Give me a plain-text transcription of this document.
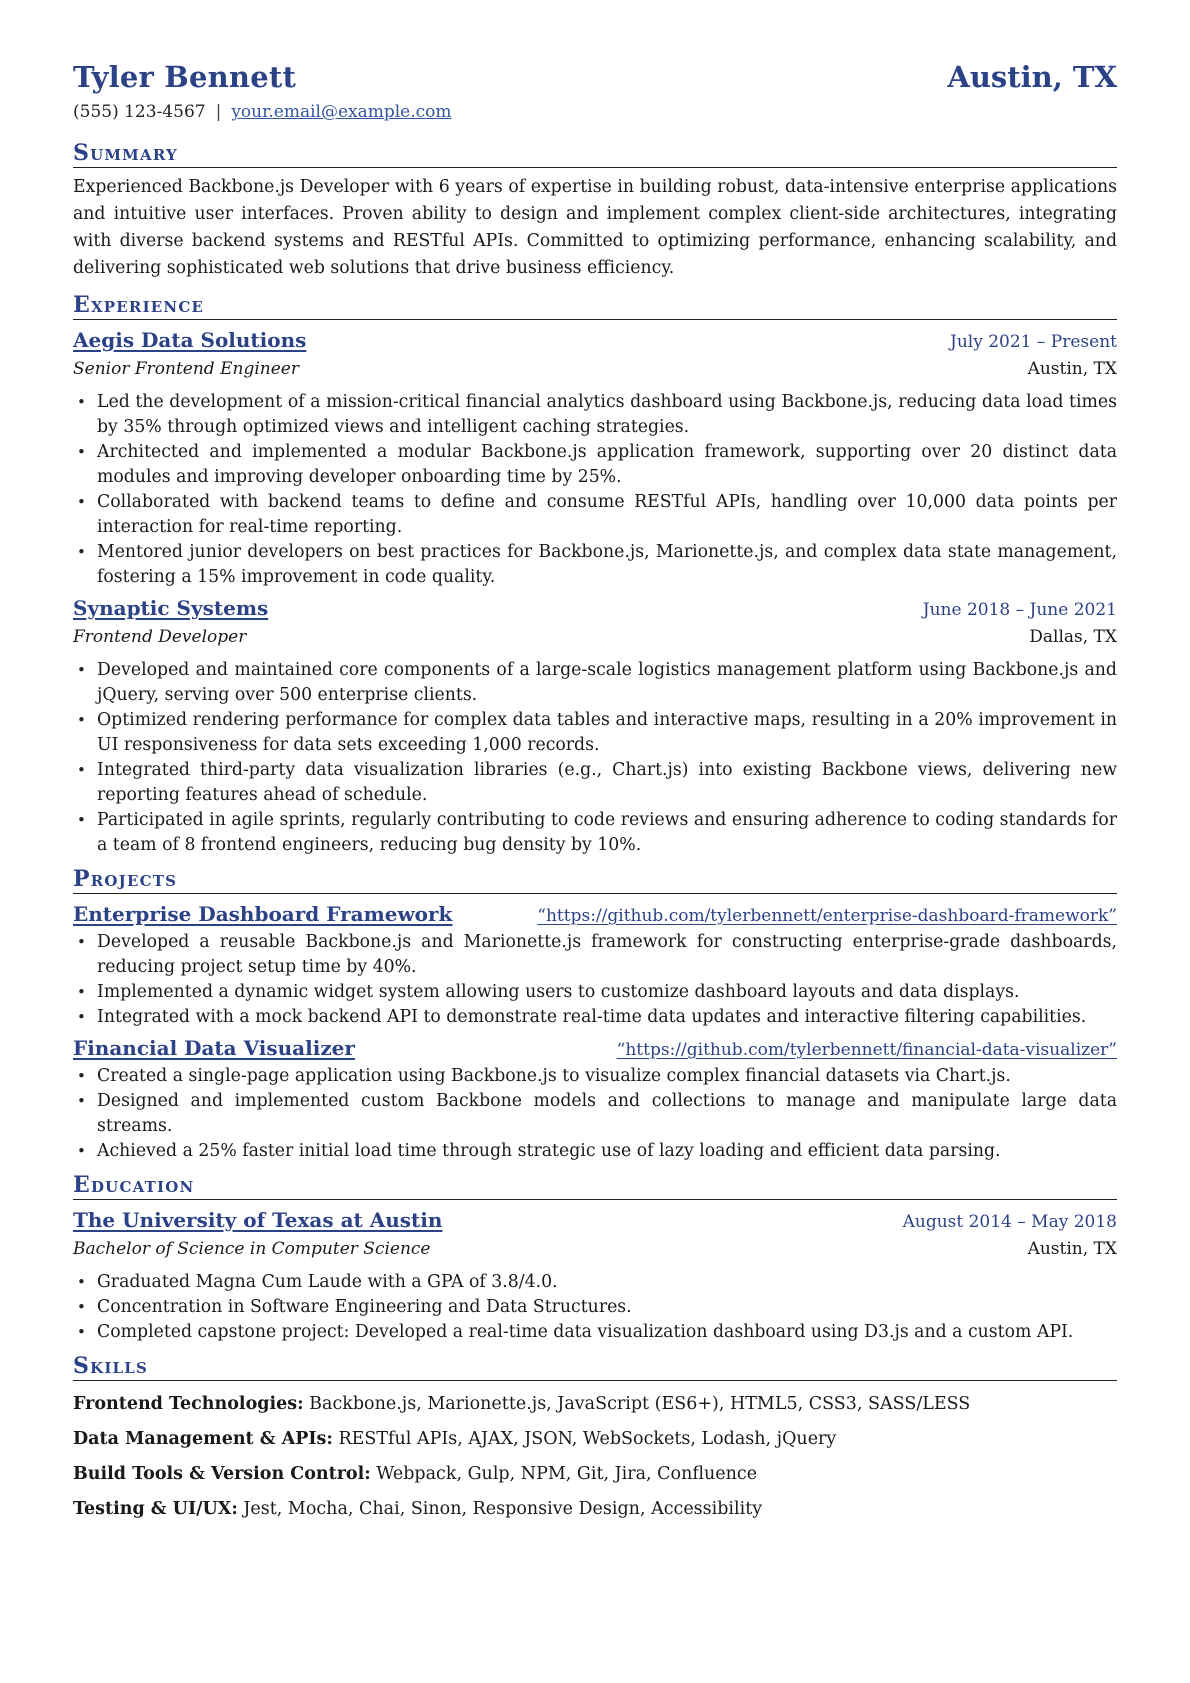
Tyler Bennett	Austin, TX
(555) 123-4567 | your.email@example.com
Summary
Experienced Backbone.js Developer with 6 years of expertise in building robust, data-intensive enterprise applications and intuitive user interfaces. Proven ability to design and implement complex client-side architectures, integrating with diverse backend systems and RESTful APIs. Committed to optimizing performance, enhancing scalability, and delivering sophisticated web solutions that drive business efficiency.
Experience
Aegis Data Solutions	July 2021 – Present
Senior Frontend Engineer	Austin, TX
• Led the development of a mission-critical financial analytics dashboard using Backbone.js, reducing data load times by 35% through optimized views and intelligent caching strategies.
• Architected and implemented a modular Backbone.js application framework, supporting over 20 distinct data modules and improving developer onboarding time by 25%.
• Collaborated with backend teams to define and consume RESTful APIs, handling over 10,000 data points per interaction for real-time reporting.
• Mentored junior developers on best practices for Backbone.js, Marionette.js, and complex data state management, fostering a 15% improvement in code quality.
Synaptic Systems	June 2018 – June 2021
Frontend Developer	Dallas, TX
• Developed and maintained core components of a large-scale logistics management platform using Backbone.js and jQuery, serving over 500 enterprise clients.
• Optimized rendering performance for complex data tables and interactive maps, resulting in a 20% improvement in UI responsiveness for data sets exceeding 1,000 records.
• Integrated third-party data visualization libraries (e.g., Chart.js) into existing Backbone views, delivering new reporting features ahead of schedule.
• Participated in agile sprints, regularly contributing to code reviews and ensuring adherence to coding standards for a team of 8 frontend engineers, reducing bug density by 10%.
Projects
Enterprise Dashboard Framework	“https://github.com/tylerbennett/enterprise-dashboard-framework”
• Developed a reusable Backbone.js and Marionette.js framework for constructing enterprise-grade dashboards, reducing project setup time by 40%.
• Implemented a dynamic widget system allowing users to customize dashboard layouts and data displays.
• Integrated with a mock backend API to demonstrate real-time data updates and interactive filtering capabilities.
Financial Data Visualizer	“https://github.com/tylerbennett/financial-data-visualizer”
• Created a single-page application using Backbone.js to visualize complex financial datasets via Chart.js.
• Designed and implemented custom Backbone models and collections to manage and manipulate large data streams.
• Achieved a 25% faster initial load time through strategic use of lazy loading and efficient data parsing.
Education
The University of Texas at Austin	August 2014 – May 2018
Bachelor of Science in Computer Science	Austin, TX
• Graduated Magna Cum Laude with a GPA of 3.8/4.0.
• Concentration in Software Engineering and Data Structures.
• Completed capstone project: Developed a real-time data visualization dashboard using D3.js and a custom API.
Skills
Frontend Technologies: Backbone.js, Marionette.js, JavaScript (ES6+), HTML5, CSS3, SASS/LESS
Data Management & APIs: RESTful APIs, AJAX, JSON, WebSockets, Lodash, jQuery
Build Tools & Version Control: Webpack, Gulp, NPM, Git, Jira, Confluence
Testing & UI/UX: Jest, Mocha, Chai, Sinon, Responsive Design, Accessibility
